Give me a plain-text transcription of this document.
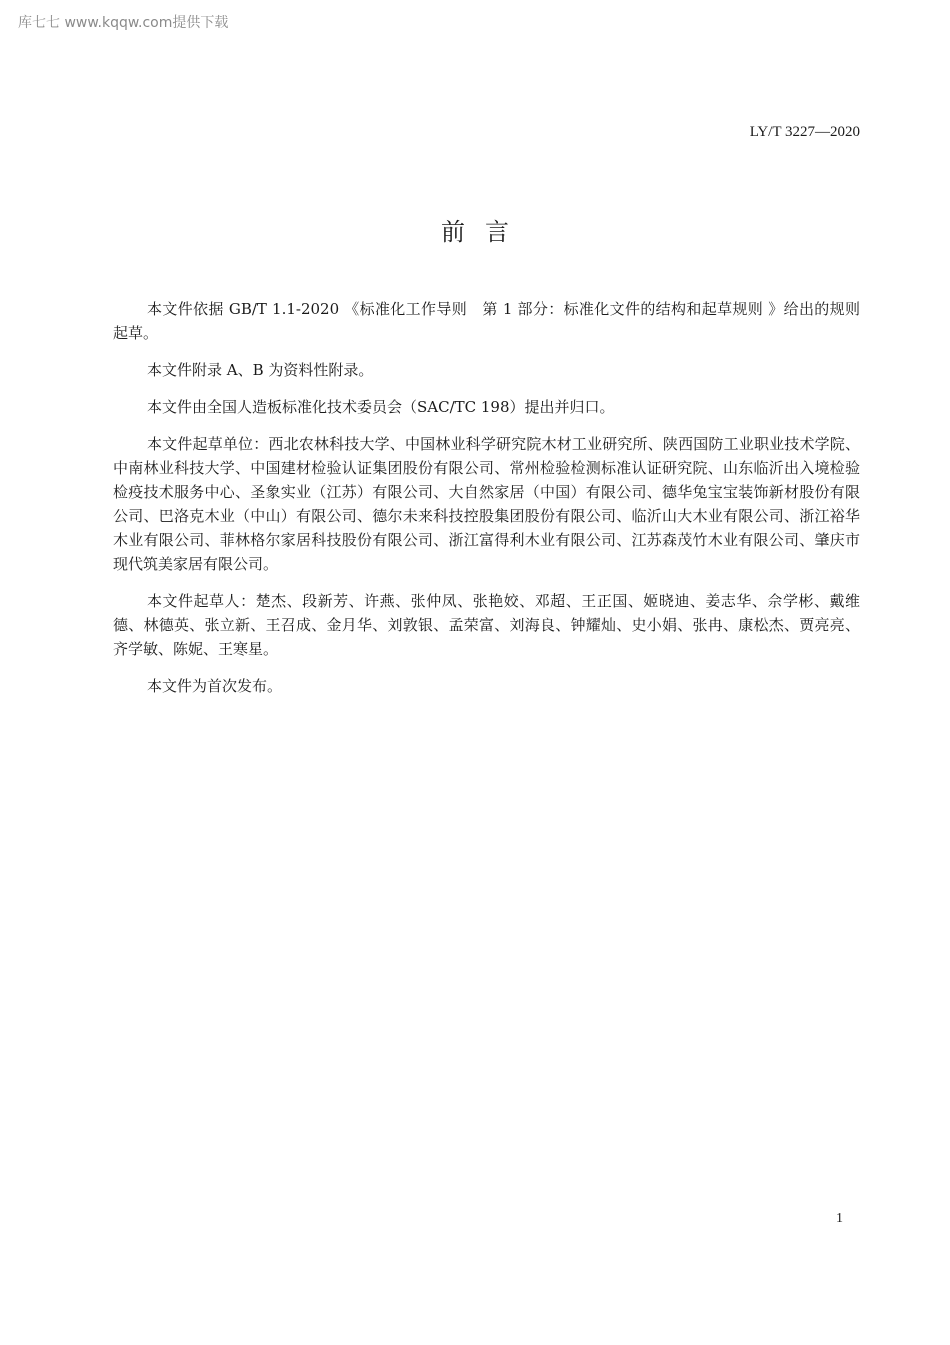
库七七 www.kqqw.com提供下载
LY/T 3227—2020
前言

本文件依据 GB/T 1.1-2020 《标准化工作导则　第 1 部分：标准化文件的结构和起草规则 》给出的规则起草。

本文件附录 A、B 为资料性附录。

本文件由全国人造板标准化技术委员会（SAC/TC 198）提出并归口。

本文件起草单位：西北农林科技大学、中国林业科学研究院木材工业研究所、陕西国防工业职业技术学院、中南林业科技大学、中国建材检验认证集团股份有限公司、常州检验检测标准认证研究院、山东临沂出入境检验检疫技术服务中心、圣象实业（江苏）有限公司、大自然家居（中国）有限公司、德华兔宝宝装饰新材股份有限公司、巴洛克木业（中山）有限公司、德尔未来科技控股集团股份有限公司、临沂山大木业有限公司、浙江裕华木业有限公司、菲林格尔家居科技股份有限公司、浙江富得利木业有限公司、江苏森茂竹木业有限公司、肇庆市现代筑美家居有限公司。

本文件起草人：楚杰、段新芳、许燕、张仲凤、张艳姣、邓超、王正国、姬晓迪、姜志华、佘学彬、戴维德、林德英、张立新、王召成、金月华、刘敦银、孟荣富、刘海良、钟耀灿、史小娟、张冉、康松杰、贾亮亮、齐学敏、陈妮、王寒星。

本文件为首次发布。

1
